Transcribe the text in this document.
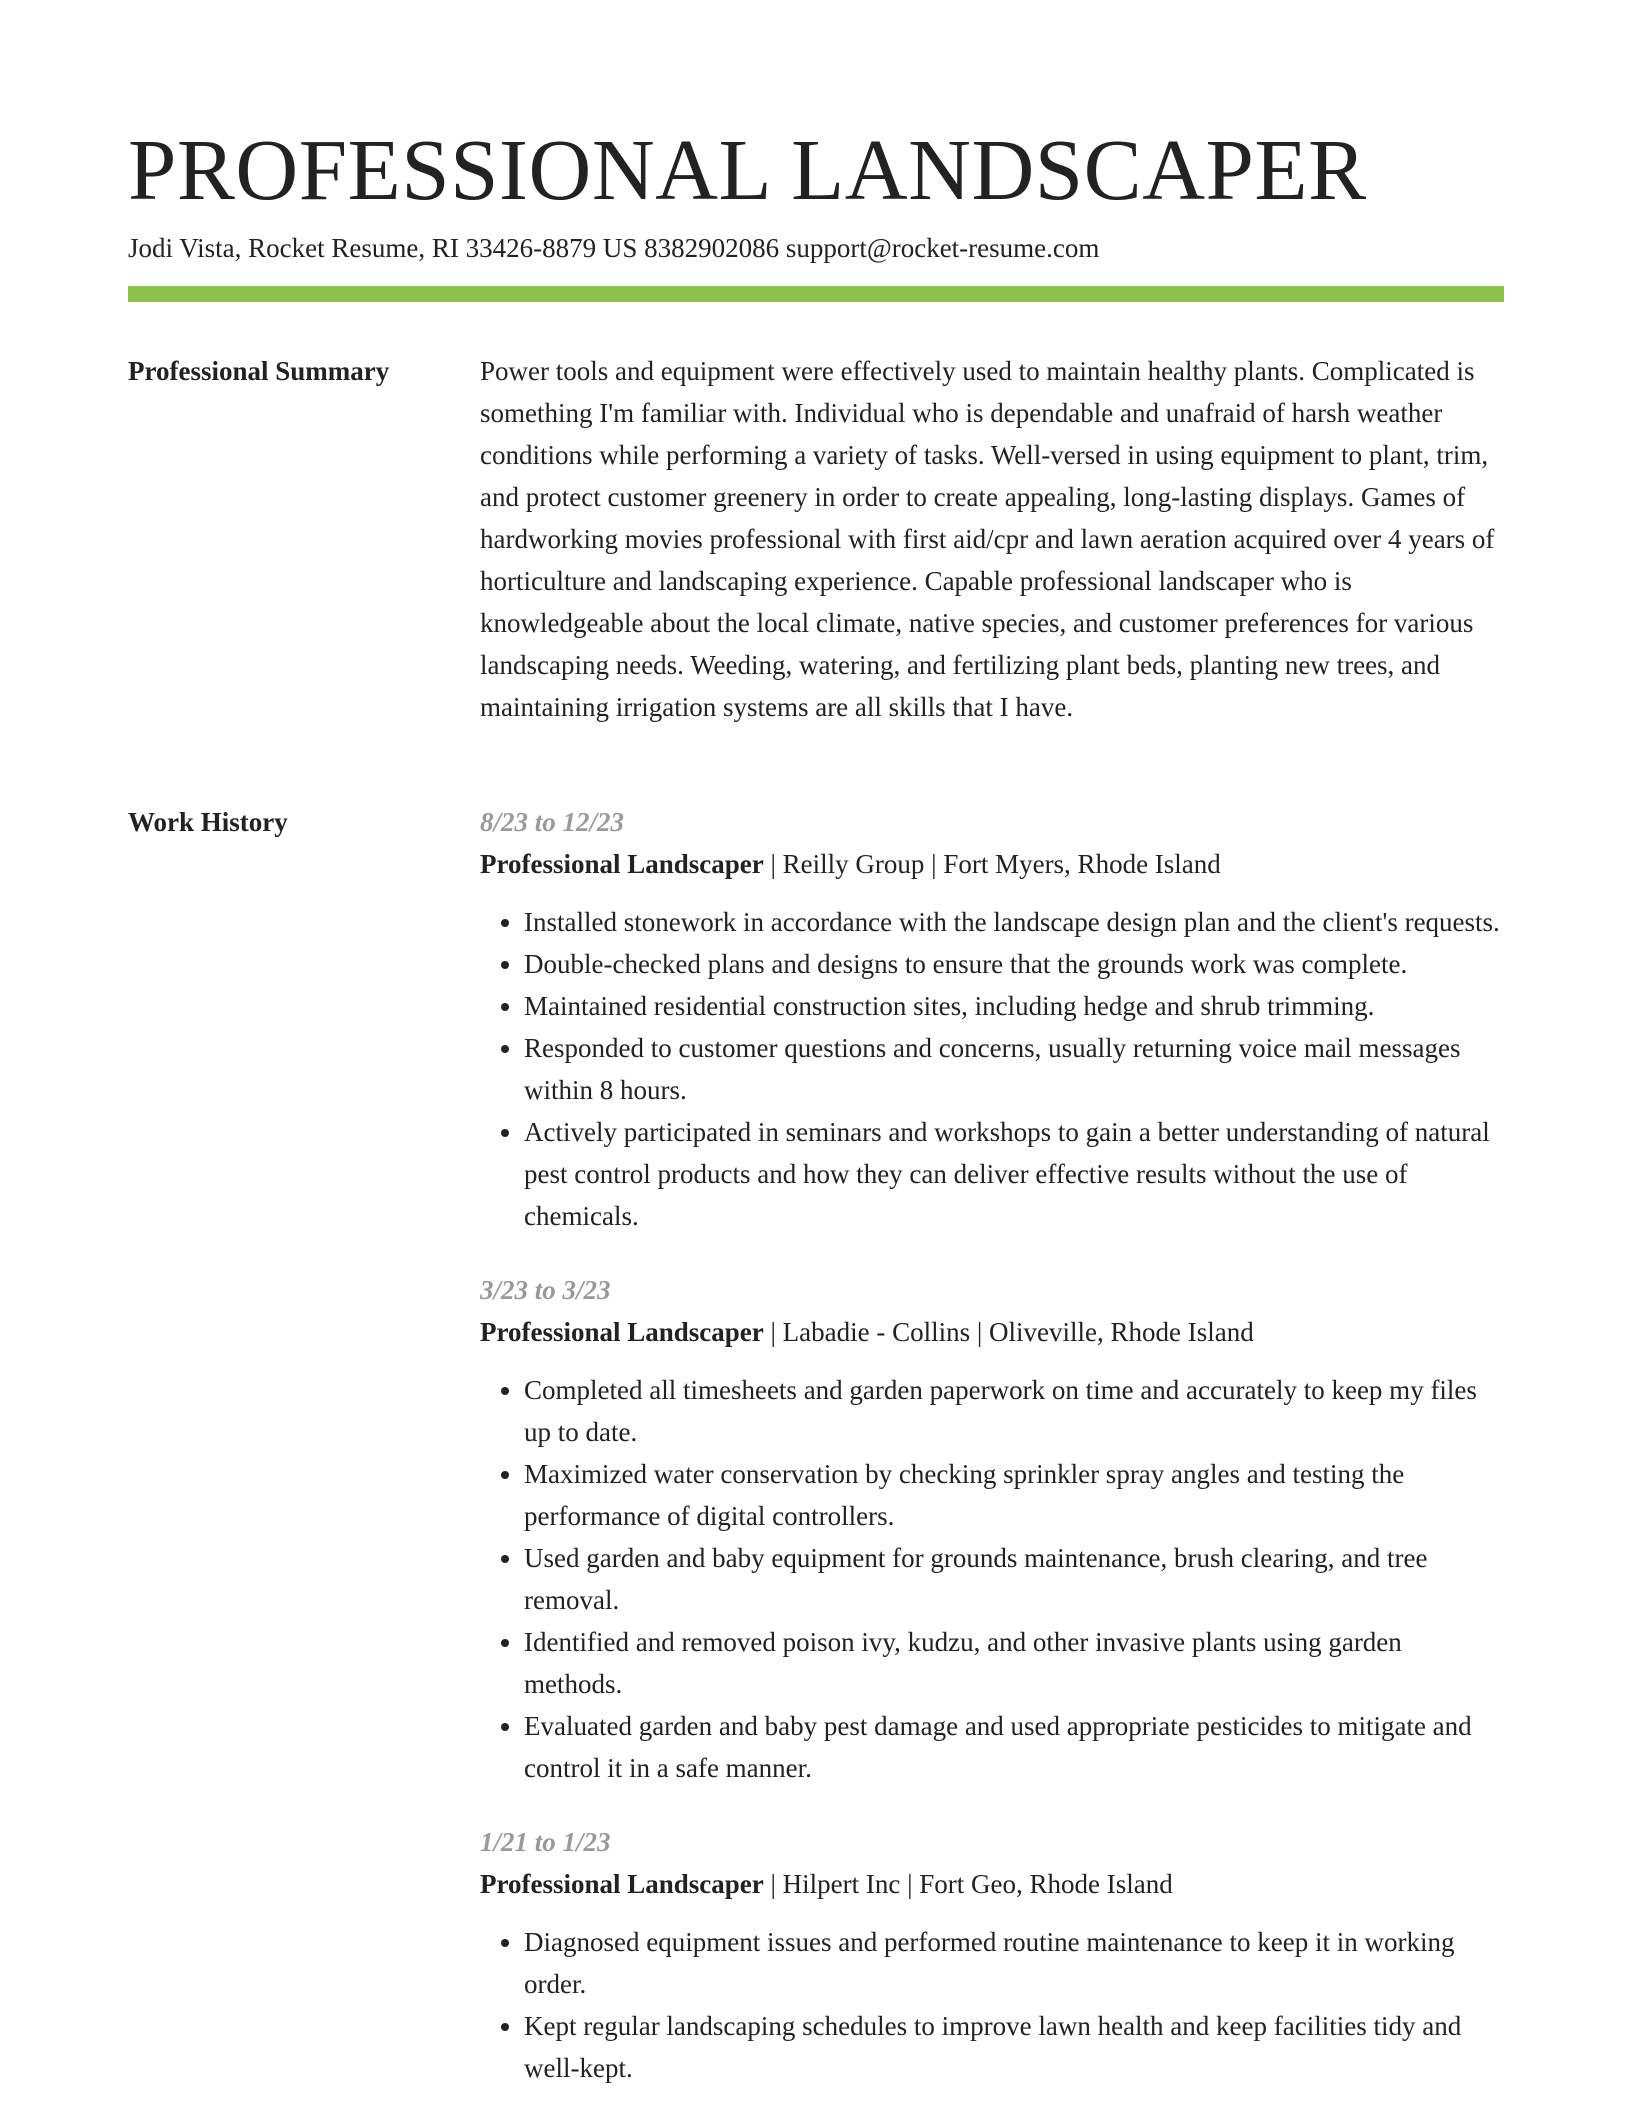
PROFESSIONAL LANDSCAPER
Jodi Vista, Rocket Resume, RI 33426-8879 US 8382902086 support@rocket-resume.com
Professional Summary	Power tools and equipment were effectively used to maintain healthy plants. Complicated is something I'm familiar with. Individual who is dependable and unafraid of harsh weather conditions while performing a variety of tasks. Well-versed in using equipment to plant, trim, and protect customer greenery in order to create appealing, long-lasting displays. Games of hardworking movies professional with first aid/cpr and lawn aeration acquired over 4 years of horticulture and landscaping experience. Capable professional landscaper who is knowledgeable about the local climate, native species, and customer preferences for various landscaping needs. Weeding, watering, and fertilizing plant beds, planting new trees, and maintaining irrigation systems are all skills that I have.

Work History	8/23 to 12/23
Professional Landscaper | Reilly Group | Fort Myers, Rhode Island
• Installed stonework in accordance with the landscape design plan and the client's requests.
• Double-checked plans and designs to ensure that the grounds work was complete.
• Maintained residential construction sites, including hedge and shrub trimming.
• Responded to customer questions and concerns, usually returning voice mail messages within 8 hours.
• Actively participated in seminars and workshops to gain a better understanding of natural pest control products and how they can deliver effective results without the use of chemicals.
3/23 to 3/23
Professional Landscaper | Labadie - Collins | Oliveville, Rhode Island
• Completed all timesheets and garden paperwork on time and accurately to keep my files up to date.
• Maximized water conservation by checking sprinkler spray angles and testing the performance of digital controllers.
• Used garden and baby equipment for grounds maintenance, brush clearing, and tree removal.
• Identified and removed poison ivy, kudzu, and other invasive plants using garden methods.
• Evaluated garden and baby pest damage and used appropriate pesticides to mitigate and control it in a safe manner.
1/21 to 1/23
Professional Landscaper | Hilpert Inc | Fort Geo, Rhode Island
• Diagnosed equipment issues and performed routine maintenance to keep it in working order.
• Kept regular landscaping schedules to improve lawn health and keep facilities tidy and well-kept.
